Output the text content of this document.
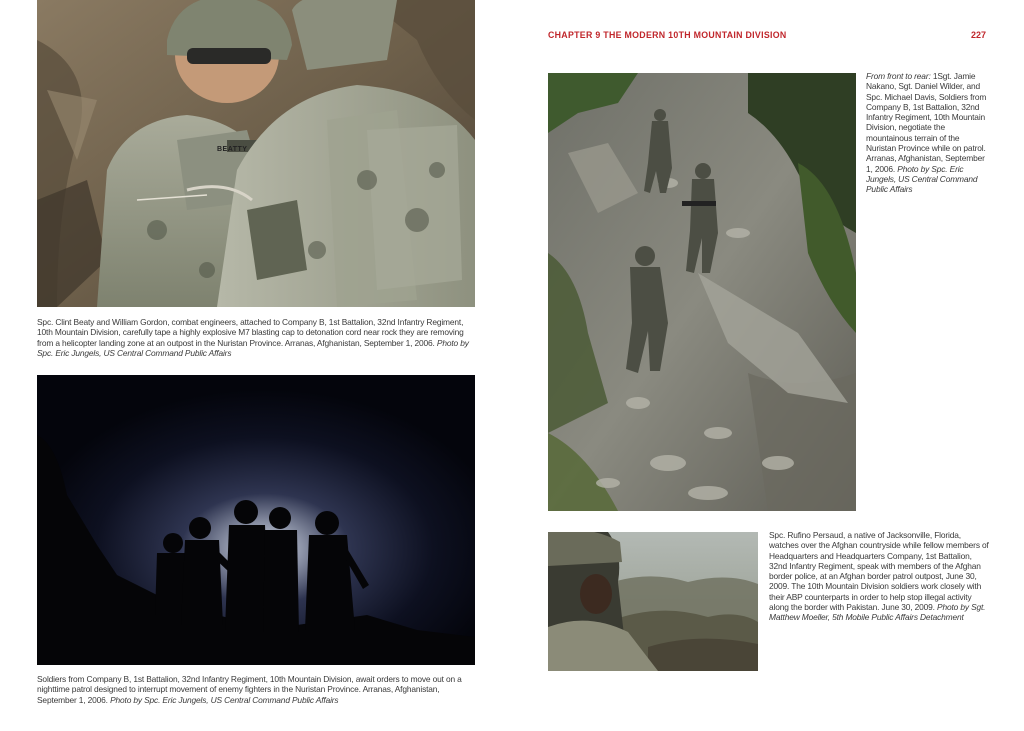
BEATTY
Spc. Clint Beaty and William Gordon, combat engineers, attached to Company B, 1st Battalion, 32nd Infantry Regiment, 10th Mountain Division, carefully tape a highly explosive M7 blasting cap to detonation cord near rock they are removing from a helicopter landing zone at an outpost in the Nuristan Province. Arranas, Afghanistan, September 1, 2006. Photo by Spc. Eric Jungels, US Central Command Public Affairs
Soldiers from Company B, 1st Battalion, 32nd Infantry Regiment, 10th Mountain Division, await orders to move out on a nighttime patrol designed to interrupt movement of enemy fighters in the Nuristan Province. Arranas, Afghanistan, September 1, 2006. Photo by Spc. Eric Jungels, US Central Command Public Affairs
CHAPTER 9 THE MODERN 10TH MOUNTAIN DIVISION	227
From front to rear: 1Sgt. Jamie Nakano, Sgt. Daniel Wilder, and Spc. Michael Davis, Soldiers from Company B, 1st Battalion, 32nd Infantry Regiment, 10th Mountain Division, negotiate the mountainous terrain of the Nuristan Province while on patrol. Arranas, Afghanistan, September 1, 2006. Photo by Spc. Eric Jungels, US Central Command Public Affairs
Spc. Rufino Persaud, a native of Jacksonville, Florida, watches over the Afghan countryside while fellow members of Headquarters and Headquarters Company, 1st Battalion, 32nd Infantry Regiment, speak with members of the Afghan border police, at an Afghan border patrol outpost, June 30, 2009. The 10th Mountain Division soldiers work closely with their ABP counterparts in order to help stop illegal activity along the border with Pakistan. June 30, 2009. Photo by Sgt. Matthew Moeller, 5th Mobile Public Affairs Detachment
